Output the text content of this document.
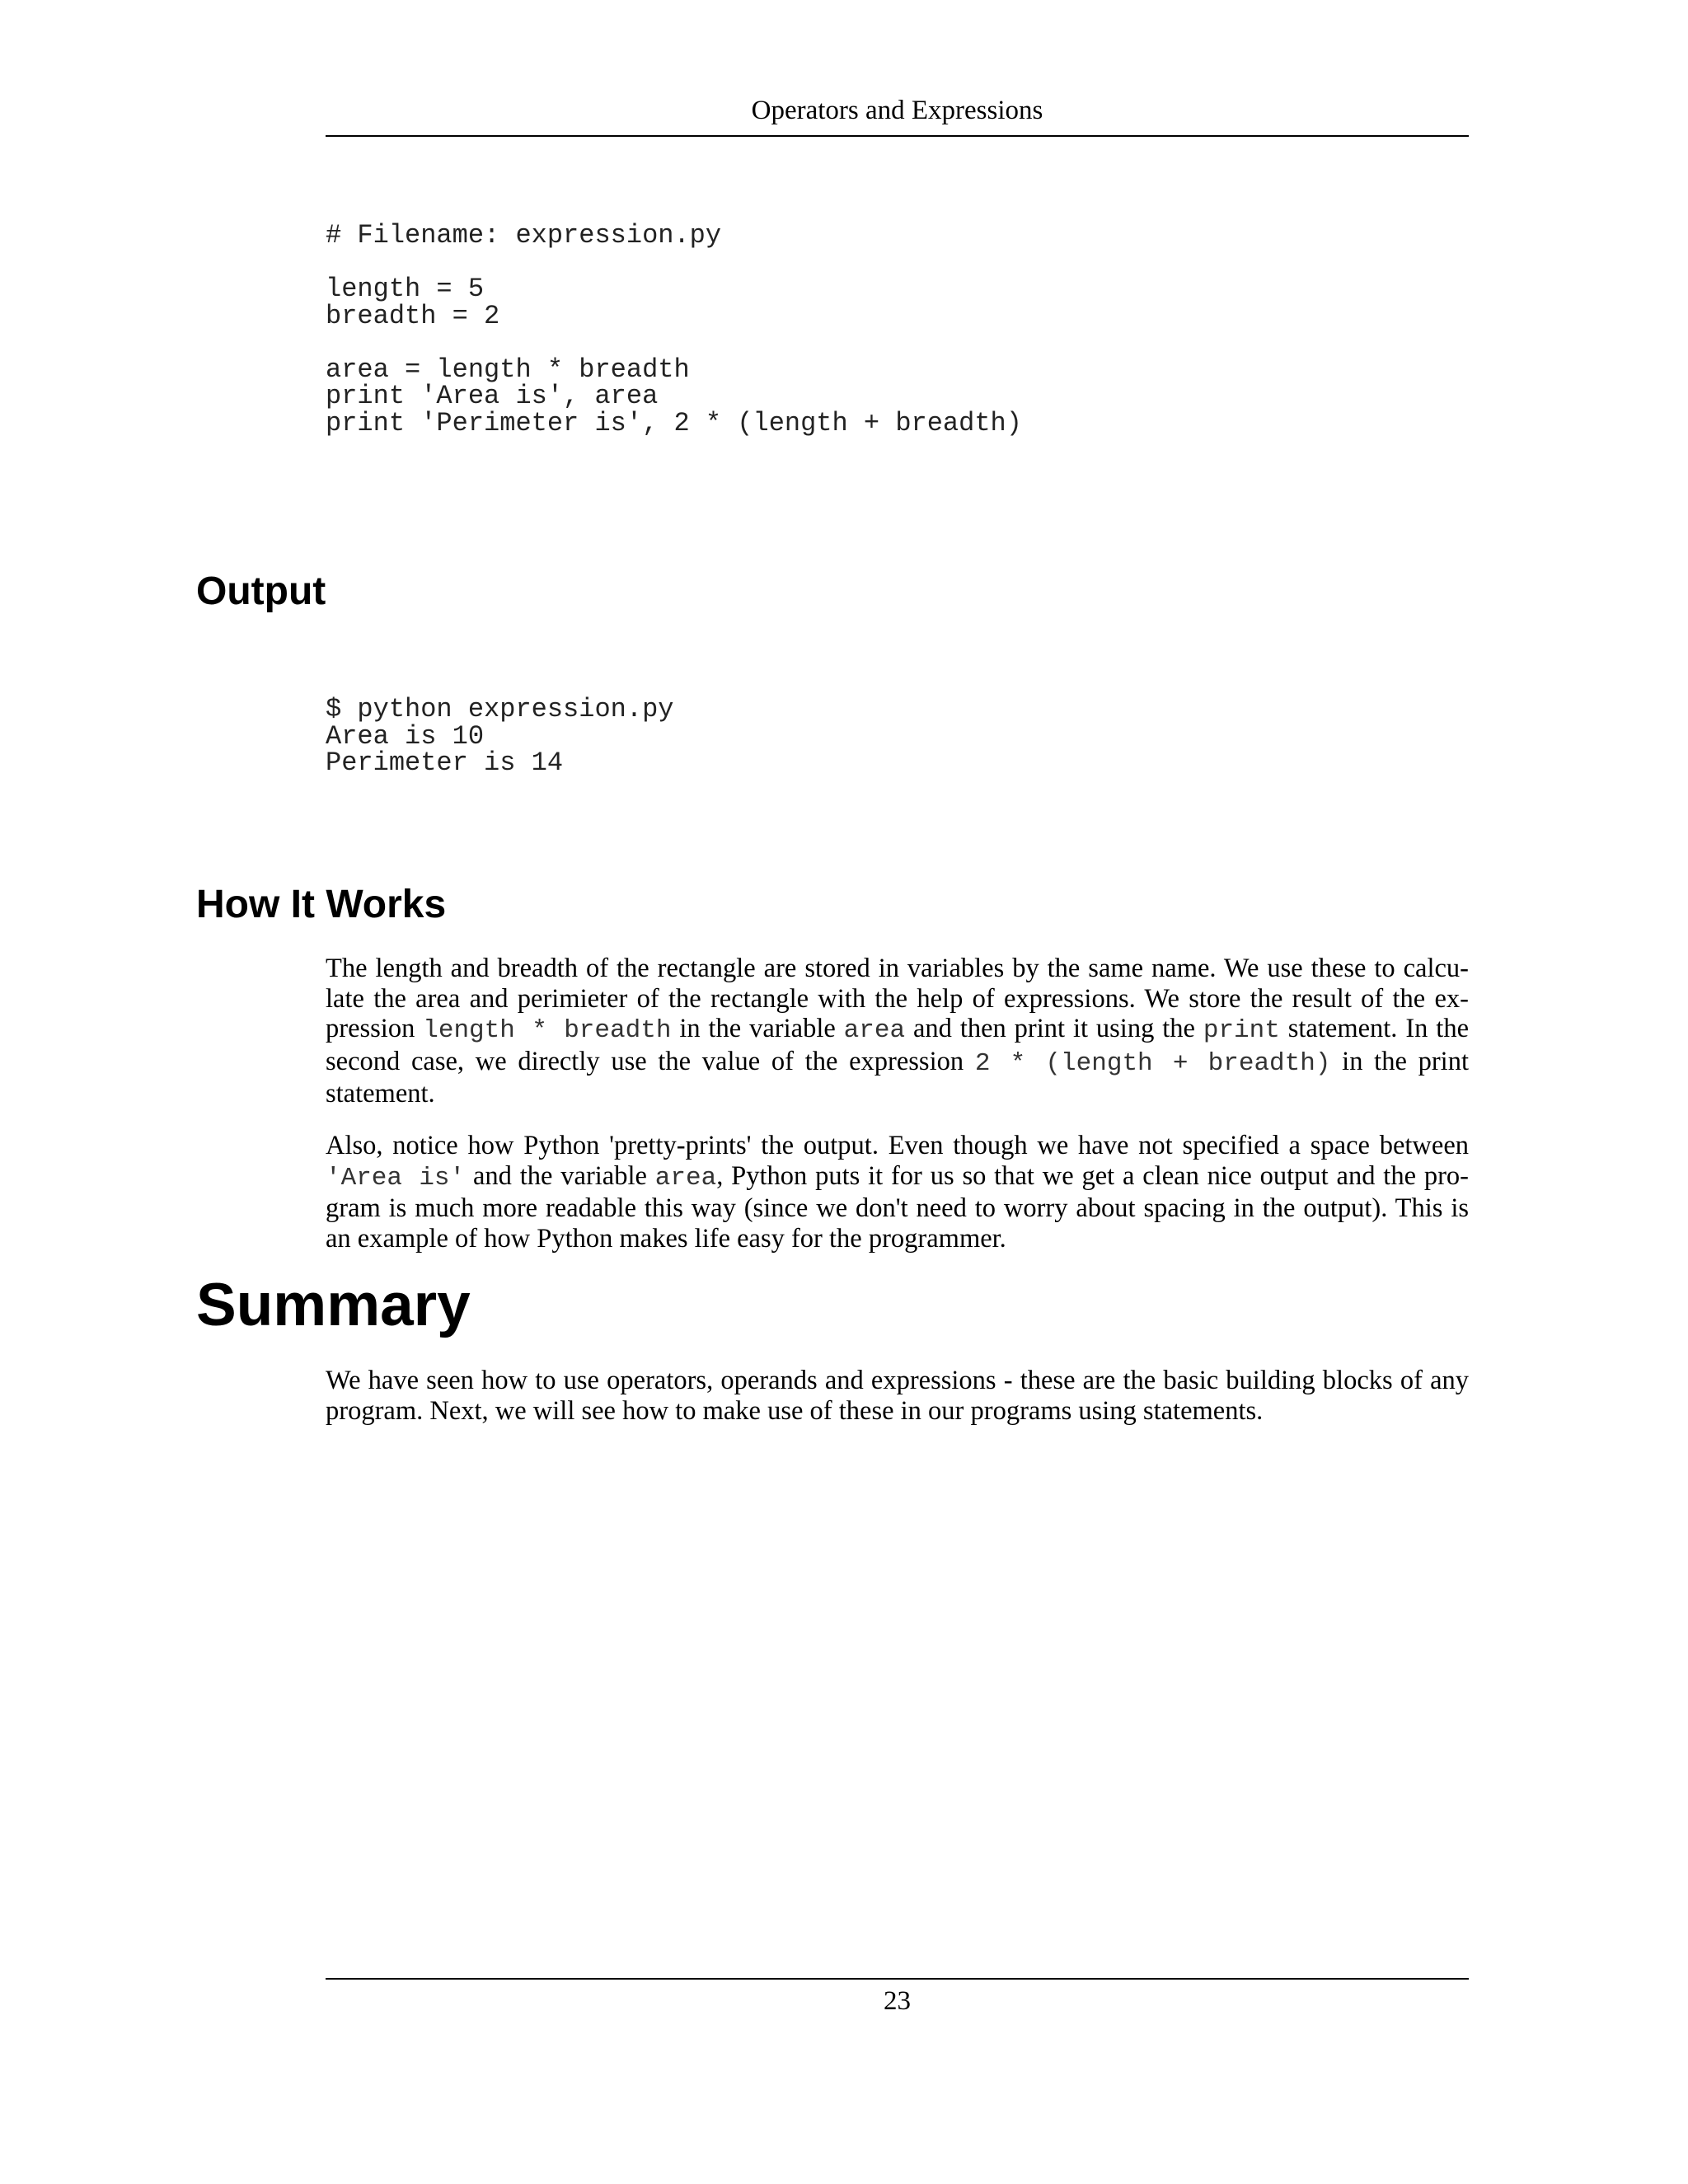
Operators and Expressions
# Filename: expression.py
length = 5
breadth = 2
area = length * breadth
print 'Area is', area
print 'Perimeter is', 2 * (length + breadth)
Output
$ python expression.py
Area is 10
Perimeter is 14
How It Works

The length and breadth of the rectangle are stored in variables by the same name. We use these to calculate the area and perimieter of the rectangle with the help of expressions. We store the result of the expression length * breadth in the variable area and then print it using the print statement. In the second case, we directly use the value of the expression 2 * (length + breadth) in the print statement.

Also, notice how Python 'pretty-prints' the output. Even though we have not specified a space between 'Area is' and the variable area, Python puts it for us so that we get a clean nice output and the program is much more readable this way (since we don't need to worry about spacing in the output). This is an example of how Python makes life easy for the programmer.

Summary

We have seen how to use operators, operands and expressions - these are the basic building blocks of any program. Next, we will see how to make use of these in our programs using statements.

23
